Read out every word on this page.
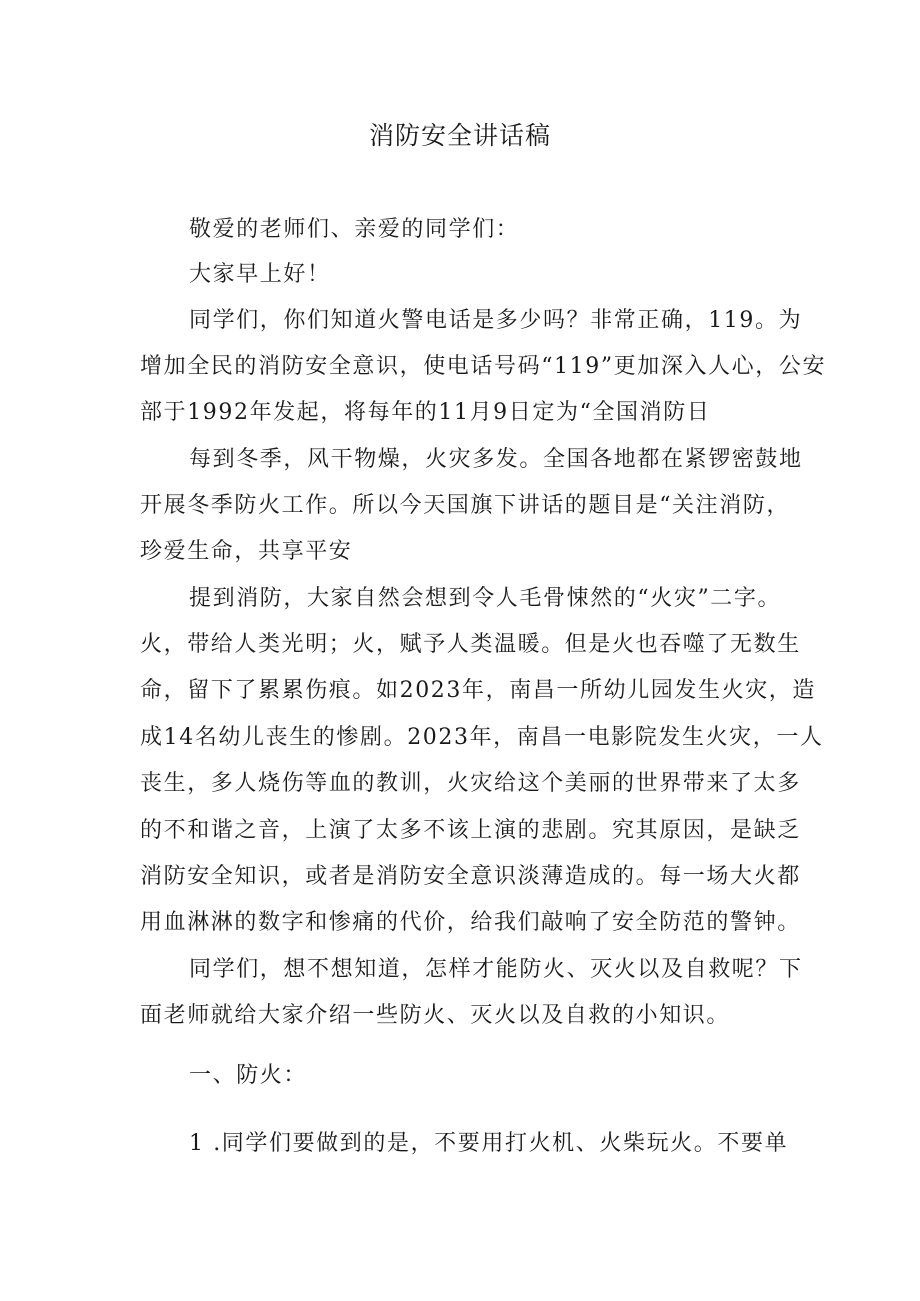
消防安全讲话稿
敬爱的老师们、亲爱的同学们：
大家早上好！
同学们，你们知道火警电话是多少吗？非常正确，119。为
增加全民的消防安全意识，使电话号码“119”更加深入人心，公安
部于1992年发起，将每年的11月9日定为“全国消防日
每到冬季，风干物燥，火灾多发。全国各地都在紧锣密鼓地
开展冬季防火工作。所以今天国旗下讲话的题目是“关注消防，
珍爱生命，共享平安
提到消防，大家自然会想到令人毛骨悚然的“火灾”二字。
火，带给人类光明；火，赋予人类温暖。但是火也吞噬了无数生
命，留下了累累伤痕。如2023年，南昌一所幼儿园发生火灾，造
成14名幼儿丧生的惨剧。2023年，南昌一电影院发生火灾，一人
丧生，多人烧伤等血的教训，火灾给这个美丽的世界带来了太多
的不和谐之音，上演了太多不该上演的悲剧。究其原因，是缺乏
消防安全知识，或者是消防安全意识淡薄造成的。每一场大火都
用血淋淋的数字和惨痛的代价，给我们敲响了安全防范的警钟。
同学们，想不想知道，怎样才能防火、灭火以及自救呢？下
面老师就给大家介绍一些防火、灭火以及自救的小知识。
一、防火：
1 .同学们要做到的是，不要用打火机、火柴玩火。不要单
